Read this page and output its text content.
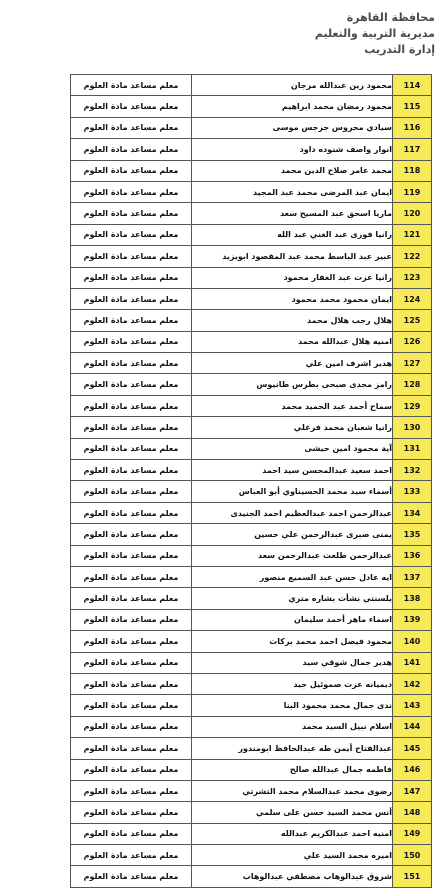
محافظة القاهرة
مديرية التربية والتعليم
إدارة التدريب
معلم مساعد مادة العلوم	محمود زين عبدالله مرجان	114
معلم مساعد مادة العلوم	محمود رمضان محمد ابراهيم	115
معلم مساعد مادة العلوم	سيادي محروس جرجس موسى	116
معلم مساعد مادة العلوم	انوار واصف شنوده داود	117
معلم مساعد مادة العلوم	محمد عامر صلاح الدين محمد	118
معلم مساعد مادة العلوم	ايمان عبد المرضى محمد عبد المجيد	119
معلم مساعد مادة العلوم	ماريا اسحق عبد المسيح سعد	120
معلم مساعد مادة العلوم	رانيا فوزى عبد الغني عبد الله	121
معلم مساعد مادة العلوم	عبير عبد الباسط محمد عبد المقصود ابويزيد	122
معلم مساعد مادة العلوم	رانيا عزت عبد الغفار محمود	123
معلم مساعد مادة العلوم	ايمان محمود محمد محمود	124
معلم مساعد مادة العلوم	هلال رجب هلال محمد	125
معلم مساعد مادة العلوم	امنيه هلال عبدالله محمد	126
معلم مساعد مادة العلوم	هدير اشرف امين علي	127
معلم مساعد مادة العلوم	رامز مجدى صبحى بطرس طانيوس	128
معلم مساعد مادة العلوم	سماح أحمد عبد الحميد محمد	129
معلم مساعد مادة العلوم	رانيا شعبان محمد فرغلي	130
معلم مساعد مادة العلوم	آية محمود امين حيشى	131
معلم مساعد مادة العلوم	احمد سعيد عبدالمحسن سيد احمد	132
معلم مساعد مادة العلوم	أسماء سيد محمد الحسيناوي أبو العباس	133
معلم مساعد مادة العلوم	عبدالرحمن احمد عبدالعظيم احمد الجنيدى	134
معلم مساعد مادة العلوم	يمنى صبرى عبدالرحمن علي حسين	135
معلم مساعد مادة العلوم	عبدالرحمن طلعت عبدالرحمن سعد	136
معلم مساعد مادة العلوم	ايه عادل حسن عبد السميع منصور	137
معلم مساعد مادة العلوم	يلسنتي نشأت بشاره متري	138
معلم مساعد مادة العلوم	اسماء ماهر أحمد سليمان	139
معلم مساعد مادة العلوم	محمود فيصل احمد محمد بركات	140
معلم مساعد مادة العلوم	هدير جمال شوقي سيد	141
معلم مساعد مادة العلوم	ديميانه عزت صموئيل جيد	142
معلم مساعد مادة العلوم	ندى جمال محمد محمود البنا	143
معلم مساعد مادة العلوم	اسلام نبيل السيد محمد	144
معلم مساعد مادة العلوم	عبدالفتاح أيمن طه عبدالحافظ ابومندور	145
معلم مساعد مادة العلوم	فاطمه جمال عبدالله صالح	146
معلم مساعد مادة العلوم	رضوى محمد عبدالسلام محمد التشرتي	147
معلم مساعد مادة العلوم	أنس محمد السيد حسن على سلمي	148
معلم مساعد مادة العلوم	امنيه احمد عبدالكريم عبدالله	149
معلم مساعد مادة العلوم	اميره محمد السيد علي	150
معلم مساعد مادة العلوم	شروق عبدالوهاب مصطفي عبدالوهاب	151
